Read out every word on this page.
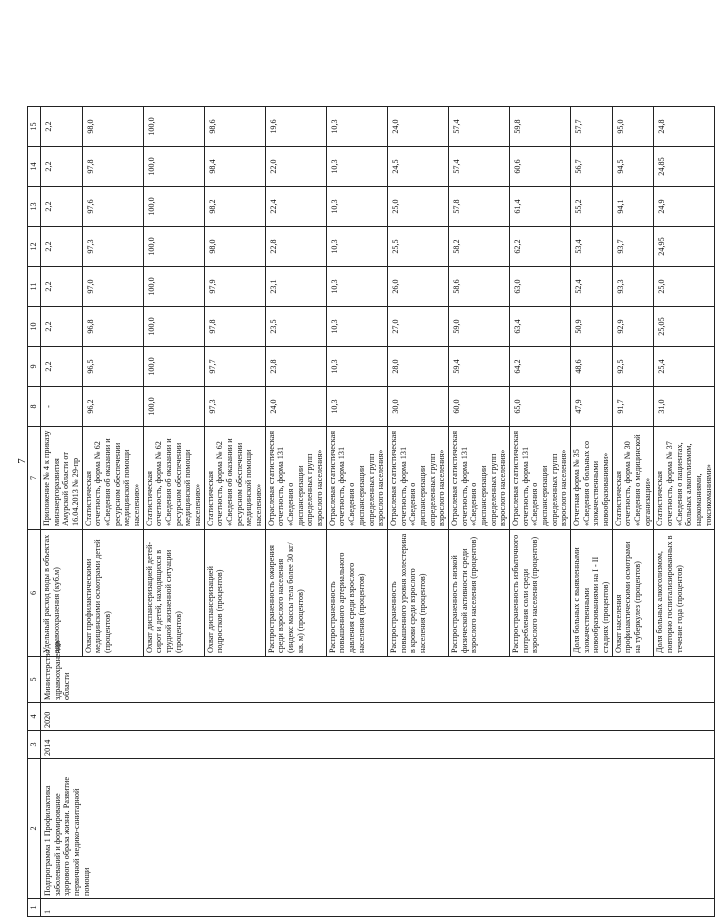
7
1	2	3	4	5	6	7	8	9	10	11	12	13	14	15
1	Подпрограмма 1 Профилактика заболеваний и формирование здорового образа жизни. Развитие первичной медико-санитарной помощи	2014	2020	Министерство здравоохранения области	Удельный расход воды в объектах здравоохранения (куб.м)	Приложение № 4 к приказу минэнергоразвития Амурской области от 16.04.2013 № 29-пр	-	2,2	2,2	2,2	2,2	2,2	2,2	2,2
					Охват профилактическими медицинскими осмотрами детей (процентов)	Статистическая отчетность, форма № 62 «Сведения об оказании и ресурсном обеспечении медицинской помощи населению»	96,2	96,5	96,8	97,0	97,3	97,6	97,8	98,0
					Охват диспансеризацией детей-сирот и детей, находящихся в трудной жизненной ситуации (процентов)	Статистическая отчетность, форма № 62 «Сведения об оказании и ресурсном обеспечении медицинской помощи населению»	100,0	100,0	100,0	100,0	100,0	100,0	100,0	100,0
					Охват диспансеризацией подростков (процентов)	Статистическая отчетность, форма № 62 «Сведения об оказании и ресурсном обеспечении медицинской помощи населению»	97,3	97,7	97,8	97,9	98,0	98,2	98,4	98,6
					Распространенность ожирения среди взрослого населения (индекс массы тела более 30 кг/кв. м) (процентов)	Отраслевая статистическая отчетность, форма 131 «Сведения о диспансеризации определенных групп взрослого населения»	24,0	23,8	23,5	23,1	22,8	22,4	22,0	19,6
					Распространенность повышенного артериального давления среди взрослого населения (процентов)	Отраслевая статистическая отчетность, форма 131 «Сведения о диспансеризации определенных групп взрослого населения»	10,3	10,3	10,3	10,3	10,3	10,3	10,3	10,3
					Распространенность повышенного уровня холестерина в крови среди взрослого населения (процентов)	Отраслевая статистическая отчетность, форма 131 «Сведения о диспансеризации определенных групп взрослого населения»	30,0	28,0	27,0	26,0	25,5	25,0	24,5	24,0
					Распространенность низкой физической активности среди взрослого населения (процентов)	Отраслевая статистическая отчетность, форма 131 «Сведения о диспансеризации определенных групп взрослого населения»	60,0	59,4	59,0	58,6	58,2	57,8	57,4	57,4
					Распространенность избыточного потребления соли среди взрослого населения (процентов)	Отраслевая статистическая отчетность, форма 131 «Сведения о диспансеризации определенных групп взрослого населения»	65,0	64,2	63,4	63,0	62,2	61,4	60,6	59,8
					Доля больных с выявленными злокачественными новообразованиями на I - II стадиях (процентов)	Отчетная форма № 35 «Сведения о больных со злокачественными новообразованиями»	47,9	48,6	50,9	52,4	53,4	55,2	56,7	57,7
					Охват населения профилактическими осмотрами на туберкулез (процентов)	Статистическая отчетность, форма № 30 «Сведения о медицинской организации»	91,7	92,5	92,9	93,3	93,7	94,1	94,5	95,0
					Доля больных алкоголизмом, повторно госпитализированных в течение года (процентов)	Статистическая отчетность, форма № 37 «Сведения о пациентах, больных алкоголизмом, наркоманиями, токсикоманиями»	31,0	25,4	25,05	25,0	24,95	24,9	24,85	24,8
